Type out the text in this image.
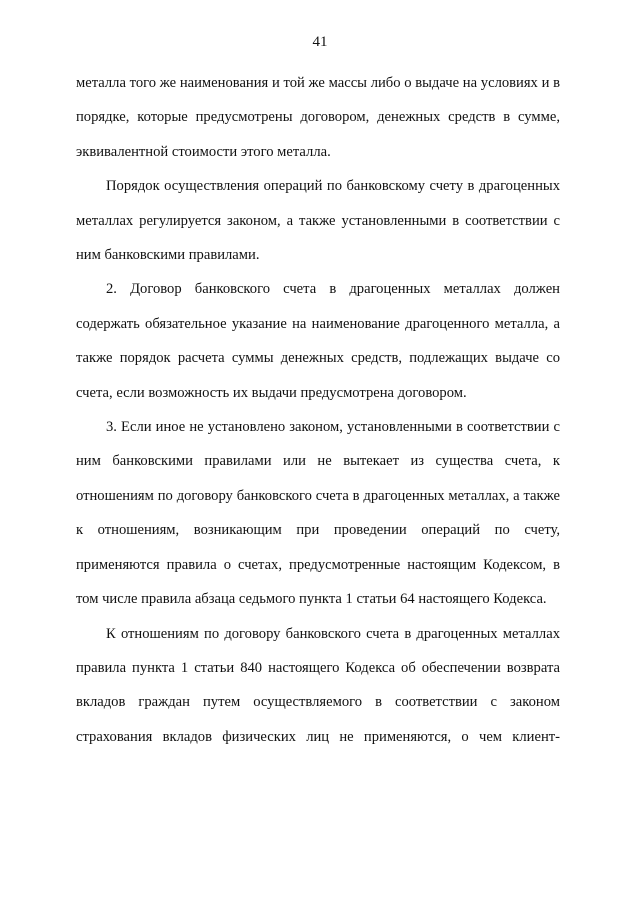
41

металла того же наименования и той же массы либо о выдаче на условиях и в порядке, которые предусмотрены договором, денежных средств в сумме, эквивалентной стоимости этого металла.

Порядок осуществления операций по банковскому счету в драгоценных металлах регулируется законом, а также установленными в соответствии с ним банковскими правилами.

2. Договор банковского счета в драгоценных металлах должен содержать обязательное указание на наименование драгоценного металла, а также порядок расчета суммы денежных средств, подлежащих выдаче со счета, если возможность их выдачи предусмотрена договором.

3. Если иное не установлено законом, установленными в соответствии с ним банковскими правилами или не вытекает из существа счета, к отношениям по договору банковского счета в драгоценных металлах, а также к отношениям, возникающим при проведении операций по счету, применяются правила о счетах, предусмотренные настоящим Кодексом, в том числе правила абзаца седьмого пункта 1 статьи 64 настоящего Кодекса.

К отношениям по договору банковского счета в драгоценных металлах правила пункта 1 статьи 840 настоящего Кодекса об обеспечении возврата вкладов граждан путем осуществляемого в соответствии с законом страхования вкладов физических лиц не применяются, о чем клиент-
